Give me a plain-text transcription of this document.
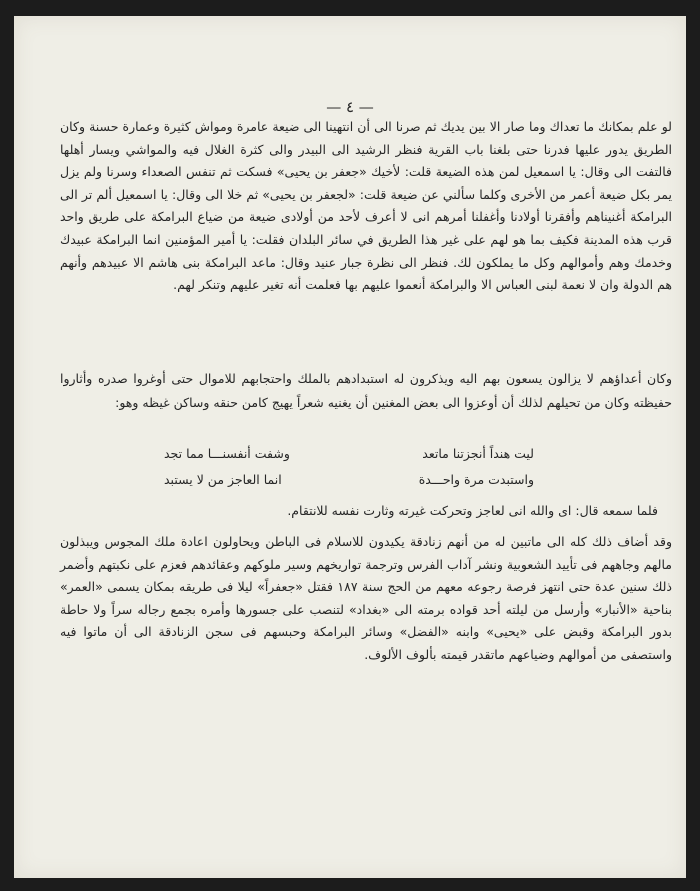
— ٤ —

لو علم بمكانك ما تعداك وما صار الا بين يديك ثم صرنا الى أن انتهينا الى ضيعة عامرة ومواش كثيرة وعمارة حسنة وكان الطريق يدور عليها فدرنا حتى بلغنا باب القرية فنظر الرشيد الى البيدر والى كثرة الغلال فيه والمواشي ويسار أهلها فالتفت الى وقال: يا اسمعيل لمن هذه الضيعة قلت: لأخيك «جعفر بن يحيى» فسكت ثم تنفس الصعداء وسرنا ولم يزل يمر بكل ضيعة أعمر من الأخرى وكلما سألني عن ضيعة قلت: «لجعفر بن يحيى» ثم خلا الى وقال: يا اسمعيل ألم تر الى البرامكة أغنيناهم وأفقرنا أولادنا وأغفلنا أمرهم انى لا أعرف لأحد من أولادى ضيعة من ضياع البرامكة على طريق واحد قرب هذه المدينة فكيف بما هو لهم على غير هذا الطريق في سائر البلدان فقلت: يا أمير المؤمنين انما البرامكة عبيدك وخدمك وهم وأموالهم وكل ما يملكون لك. فنظر الى نظرة جبار عنيد وقال: ماعد البرامكة بنى هاشم الا عبيدهم وأنهم هم الدولة وان لا نعمة لبنى العباس الا والبرامكة أنعموا عليهم بها فعلمت أنه تغير عليهم وتنكر لهم.

وكان أعداؤهم لا يزالون يسعون بهم اليه ويذكرون له استبدادهم بالملك واحتجابهم للاموال حتى أوغروا صدره وأثاروا حفيظته وكان من تحيلهم لذلك أن أوعزوا الى بعض المغنين أن يغنيه شعراً يهيج كامن حنقه وساكن غيظه وهو:

ليت هنداً أنجزتنا ماتعد
وشفت أنفسنـــا مما تجد
واستبدت مرة واحـــدة
انما العاجز من لا يستبد

فلما سمعه قال: اى والله انى لعاجز وتحركت غيرته وثارت نفسه للانتقام.

وقد أضاف ذلك كله الى ماتبين له من أنهم زنادقة يكيدون للاسلام فى الباطن ويحاولون اعادة ملك المجوس ويبذلون مالهم وجاههم فى تأييد الشعوبية ونشر آداب الفرس وترجمة تواريخهم وسير ملوكهم وعقائدهم فعزم على نكبتهم وأضمر ذلك سنين عدة حتى انتهز فرصة رجوعه معهم من الحج سنة ١٨٧ فقتل «جعفراً» ليلا فى طريقه بمكان يسمى «العمر» بناحية «الأنبار» وأرسل من ليلته أحد قواده برمته الى «بغداد» لتنصب على جسورها وأمره بجمع رجاله سراً ولا حاطة بدور البرامكة وقبض على «يحيى» وابنه «الفضل» وسائر البرامكة وحبسهم فى سجن الزنادقة الى أن ماتوا فيه واستصفى من أموالهم وضياعهم ماتقدر قيمته بألوف الألوف.
